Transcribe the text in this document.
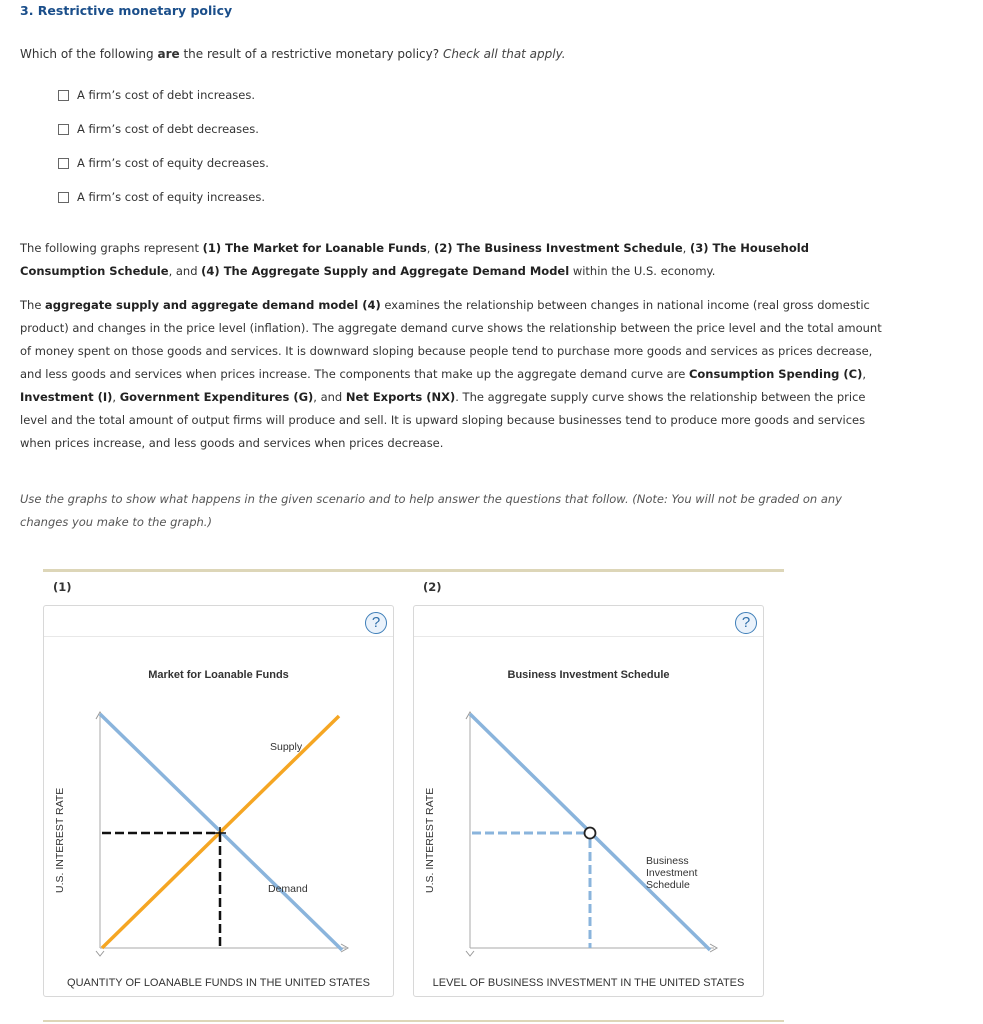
3. Restrictive monetary policy

Which of the following are the result of a restrictive monetary policy? Check all that apply.

A firm’s cost of debt increases.
A firm’s cost of debt decreases.
A firm’s cost of equity decreases.
A firm’s cost of equity increases.

The following graphs represent (1) The Market for Loanable Funds, (2) The Business Investment Schedule, (3) The Household Consumption Schedule, and (4) The Aggregate Supply and Aggregate Demand Model within the U.S. economy.

The aggregate supply and aggregate demand model (4) examines the relationship between changes in national income (real gross domestic product) and changes in the price level (inflation). The aggregate demand curve shows the relationship between the price level and the total amount of money spent on those goods and services. It is downward sloping because people tend to purchase more goods and services as prices decrease, and less goods and services when prices increase. The components that make up the aggregate demand curve are Consumption Spending (C), Investment (I), Government Expenditures (G), and Net Exports (NX). The aggregate supply curve shows the relationship between the price level and the total amount of output firms will produce and sell. It is upward sloping because businesses tend to produce more goods and services when prices increase, and less goods and services when prices decrease.

Use the graphs to show what happens in the given scenario and to help answer the questions that follow. (Note: You will not be graded on any changes you make to the graph.)

(1)
?
Market for Loanable Funds
Supply
Demand
U.S. INTEREST RATE
QUANTITY OF LOANABLE FUNDS IN THE UNITED STATES
(2)
?
Business Investment Schedule
Business
Investment
Schedule
U.S. INTEREST RATE
LEVEL OF BUSINESS INVESTMENT IN THE UNITED STATES
